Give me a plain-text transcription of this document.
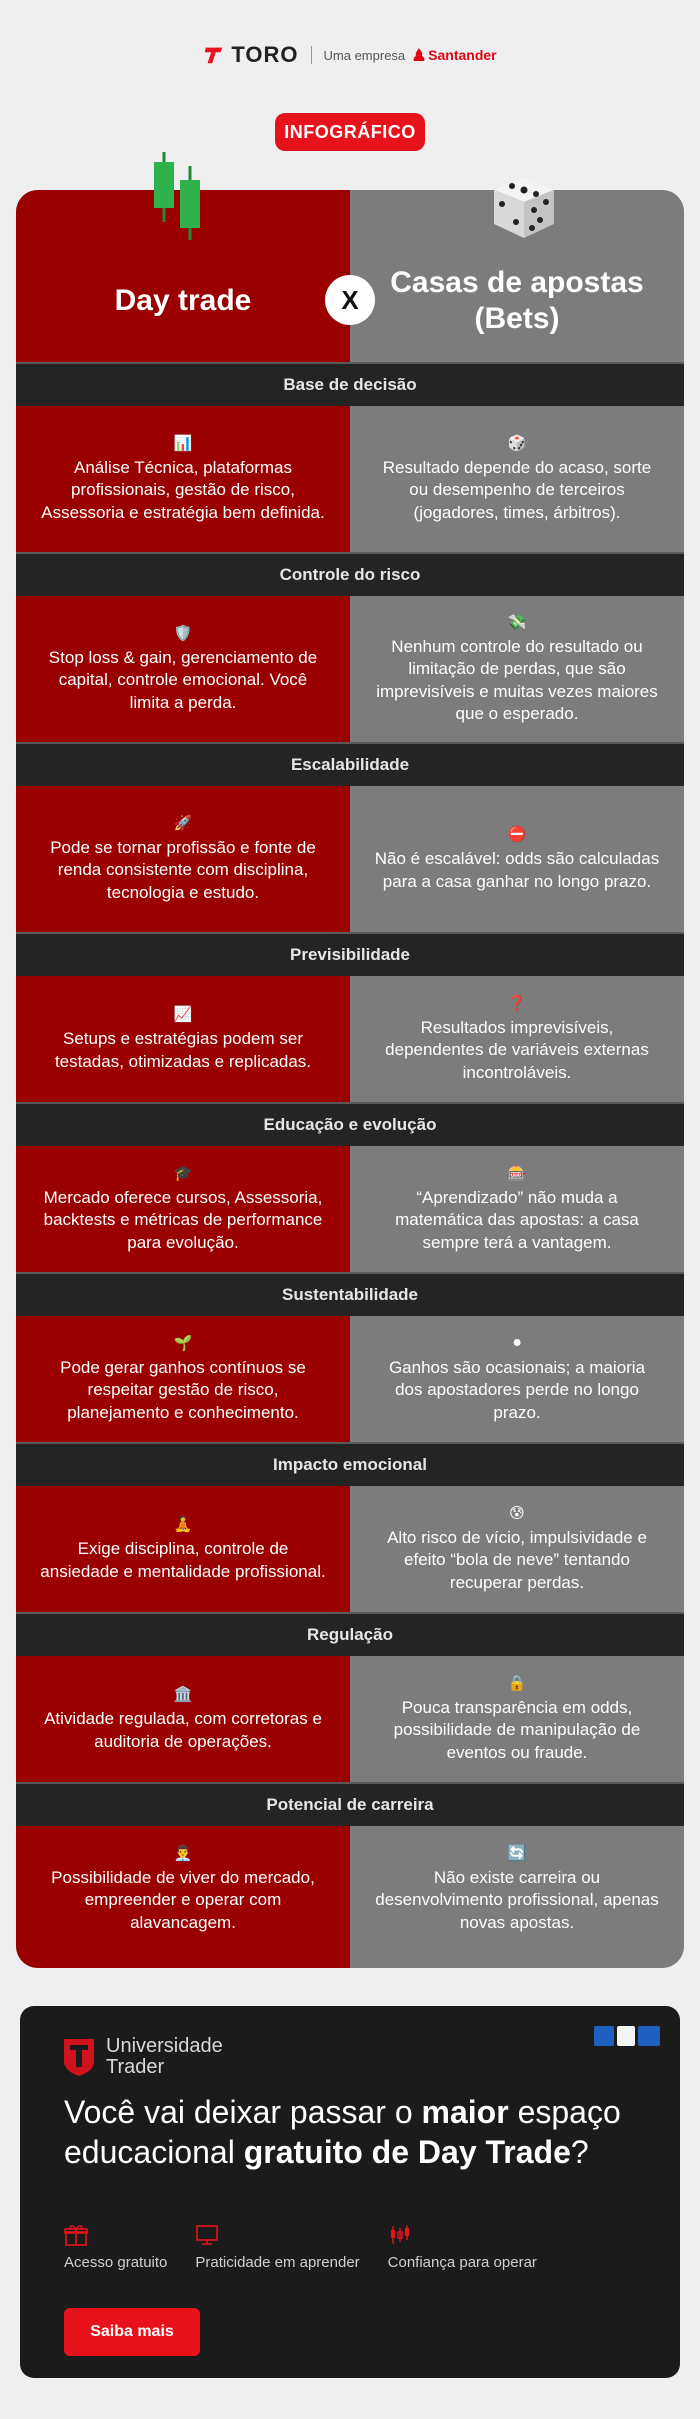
TORO Uma empresa Santander
INFOGRÁFICO
Day trade
Casas de apostas (Bets)
X
Base de decisão
📊
Análise Técnica, plataformas profissionais, gestão de risco, Assessoria e estratégia bem definida.
🎲
Resultado depende do acaso, sorte ou desempenho de terceiros (jogadores, times, árbitros).
Controle do risco
🛡️
Stop loss & gain, gerenciamento de capital, controle emocional. Você limita a perda.
💸
Nenhum controle do resultado ou limitação de perdas, que são imprevisíveis e muitas vezes maiores que o esperado.
Escalabilidade
🚀
Pode se tornar profissão e fonte de renda consistente com disciplina, tecnologia e estudo.
⛔
Não é escalável: odds são calculadas para a casa ganhar no longo prazo.
Previsibilidade
📈
Setups e estratégias podem ser testadas, otimizadas e replicadas.
❓
Resultados imprevisíveis, dependentes de variáveis externas incontroláveis.
Educação e evolução
🎓
Mercado oferece cursos, Assessoria, backtests e métricas de performance para evolução.
🎰
“Aprendizado” não muda a matemática das apostas: a casa sempre terá a vantagem.
Sustentabilidade
🌱
Pode gerar ganhos contínuos se respeitar gestão de risco, planejamento e conhecimento.
⚫
Ganhos são ocasionais; a maioria dos apostadores perde no longo prazo.
Impacto emocional
🧘
Exige disciplina, controle de ansiedade e mentalidade profissional.
😰
Alto risco de vício, impulsividade e efeito “bola de neve” tentando recuperar perdas.
Regulação
🏛️
Atividade regulada, com corretoras e auditoria de operações.
🔒
Pouca transparência em odds, possibilidade de manipulação de eventos ou fraude.
Potencial de carreira
👨‍💼
Possibilidade de viver do mercado, empreender e operar com alavancagem.
🔄
Não existe carreira ou desenvolvimento profissional, apenas novas apostas.
Universidade
Trader
Você vai deixar passar o maior espaço educacional gratuito de Day Trade?
Acesso gratuito Praticidade em aprender Confiança para operar
Saiba mais
